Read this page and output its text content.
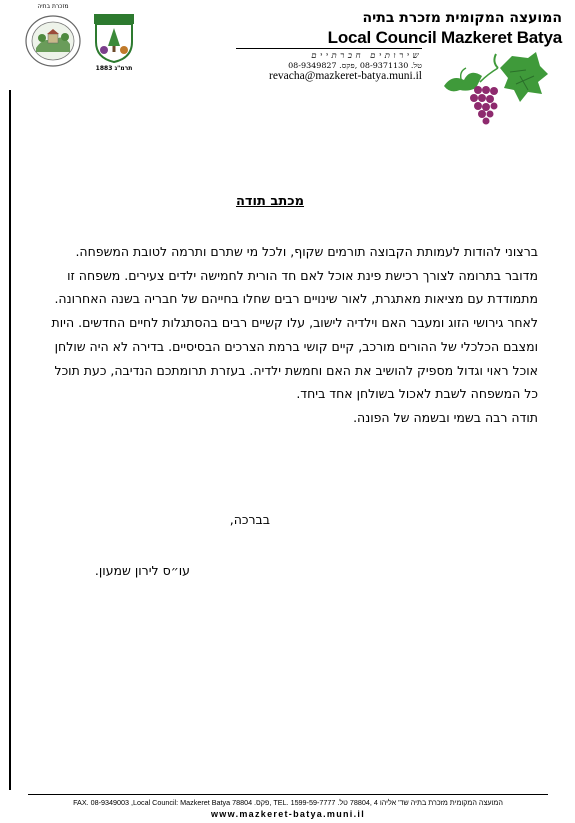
מזכרת בתיה
תרמ"ג 1883
המועצה המקומית מזכרת בתיה
Local Council Mazkeret Batya
שירותים חברתיים
טל. 08-9371130 ,פקס. 08-9349827
revacha@mazkeret-batya.muni.il
מכתב תודה

ברצוני להודות לעמותת הקבוצה תורמים שקוף, ולכל מי שתרם ותרמה לטובת המשפחה.

מדובר בתרומה לצורך רכישת פינת אוכל לאם חד הורית לחמישה ילדים צעירים. משפחה זו מתמודדת עם מציאות מאתגרת, לאור שינויים רבים שחלו בחייהם של חבריה בשנה האחרונה. לאחר גירושי הזוג ומעבר האם וילדיה לישוב, עלו קשיים רבים בהסתגלות לחיים החדשים. היות ומצבם הכלכלי של ההורים מורכב, קיים קושי ברמת הצרכים הבסיסיים. בדירה לא היה שולחן אוכל ראוי וגדול מספיק להושיב את האם וחמשת ילדיה. בעזרת תרומתכם הנדיבה, כעת תוכל כל המשפחה לשבת לאכול בשולחן אחד ביחד.

תודה רבה בשמי ובשמה של הפונה.

בברכה,
עו״ס לירון שמעון.
המועצה המקומית מזכרת בתיה שד' אליהו 4 ,78804 טל. TEL. 1599-59-7777 ,פקס. FAX. 08-9349003 ,Local Council: Mazkeret Batya 78804
www.mazkeret-batya.muni.il
